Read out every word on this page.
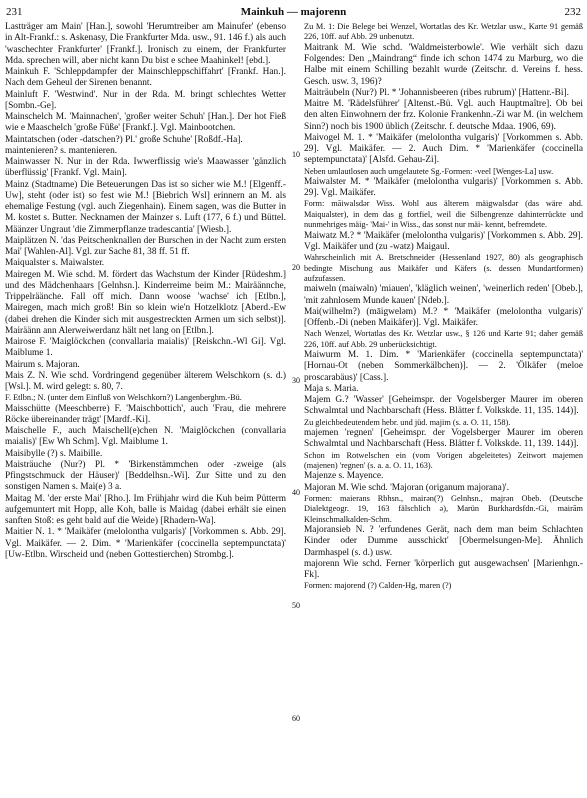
231	Mainkuh — majorenn	232
10
20
30
40
50
60

Lastträger am Main' [Han.], sowohl 'Herumtreiber am Mainufer' (ebenso in Alt-Frankf.: s. Askenasy, Die Frankfurter Mda. usw., 91. 146 f.) als auch 'waschechter Frankfurter' [Frankf.]. Ironisch zu einem, der Frankfurter Mda. sprechen will, aber nicht kann Du bist e schee Maahinkel! [ebd.].

Mainkuh F. 'Schleppdampfer der Mainschleppschiffahrt' [Frankf. Han.]. Nach dem Geheul der Sirenen benannt.

Mainluft F. 'Westwind'. Nur in der Rda. M. bringt schlechtes Wetter [Sombn.-Ge].

Mainschelch M. 'Mainnachen', 'großer weiter Schuh' [Han.]. Der hot Fieß wie e Maaschelch 'große Füße' [Frankf.]. Vgl. Mainbootchen.

Maintatschen (oder -datschen?) Pl.' große Schuhe' [Roßdf.-Ha].

maintenieren? s. mantenieren.

Mainwasser N. Nur in der Rda. Iwwerflissig wie's Maawasser 'gänzlich überflüssig' [Frankf. Vgl. Main].

Mainz (Stadtname) Die Beteuerungen Das ist so sicher wie M.! [Elgenff.-Uw], steht (oder ist) so fest wie M.! [Biebrich Wsl] erinnern an M. als ehemalige Festung (vgl. auch Ziegenhain). Einem sagen, was die Butter in M. kostet s. Butter. Necknamen der Mainzer s. Luft (177, 6 f.) und Büttel. Määnzer Ungraut 'die Zimmerpflanze tradescantia' [Wiesb.].

Maiplätzen N. 'das Peitschenknallen der Burschen in der Nacht zum ersten Mai' [Wahlen-Al]. Vgl. zur Sache 81, 38 ff. 51 ff.

Maiqualster s. Maiwalster.

Mairegen M. Wie schd. M. fördert das Wachstum der Kinder [Rüdeshm.] und des Mädchenhaars [Gelnhsn.]. Kinderreime beim M.: Mairäännche, Trippelräänche. Fall off mich. Dann woose 'wachse' ich [Etlbn.], Mairegen, mach mich groß! Bin so klein wie'n Hotzelklotz [Aberd.-Ew (dabei drehen die Kinder sich mit ausgestreckten Armen um sich selbst)]. Mairäänn ann Alerweiwerdanz hält net lang on [Etlbn.].

Mairose F. 'Maiglöckchen (convallaria maialis)' [Reiskchn.-Wl Gi]. Vgl. Maiblume 1.

Mairum s. Majoran.

Mais Z. N. Wie schd. Vordringend gegenüber älterem Welschkorn (s. d.) [Wsl.]. M. wird gelegt: s. 80, 7.

F. Etlbn.; N. (unter dem Einfluß von Welschkorn?) Langenberghm.-Bü.

Maisschütte (Meeschberre) F. 'Maischbottich', auch 'Frau, die mehrere Röcke übereinander trägt' [Mardf.-Ki].

Maischelle F., auch Maischell(e)chen N. 'Maiglöckchen (convallaria maialis)' [Ew Wh Schm]. Vgl. Maiblume 1.

Maisibylle (?) s. Maibille.

Maisträuche (Nur?) Pl. * 'Birkenstämmchen oder -zweige (als Pfingstschmuck der Häuser)' [Beddelhsn.-Wi]. Zur Sitte und zu den sonstigen Namen s. Mai(e) 3 a.

Maitag M. 'der erste Mai' [Rho.]. Im Frühjahr wird die Kuh beim Pütterm aufgemuntert mit Hopp, alle Koh, balle is Maidag (dabei erhält sie einen sanften Stoß: es geht bald auf die Weide) [Rhadern-Wa].

Maitier N. 1. * 'Maikäfer (melolontha vulgaris)' [Vorkommen s. Abb. 29]. Vgl. Maikäfer. — 2. Dim. * 'Marienkäfer (coccinella septempunctata)' [Uw-Etlbn. Wirscheid und (neben Gottestierchen) Strombg.].

Zu M. 1: Die Belege bei Wenzel, Wortatlas des Kr. Wetzlar usw., Karte 91 gemäß 226, 10ff. auf Abb. 29 unbenutzt.

Maitrank M. Wie schd. 'Waldmeisterbowle'. Wie verhält sich dazu Folgendes: Den „Maindrang“ finde ich schon 1474 zu Marburg, wo die Halbe mit einem Schilling bezahlt wurde (Zeitschr. d. Vereins f. hess. Gesch. usw. 3, 196)?

Maiträubeln (Nur?) Pl. * 'Johannisbeeren (ribes rubrum)' [Hattenr.-Bi].

Maitre M. 'Rädelsführer' [Altenst.-Bü. Vgl. auch Hauptmaître]. Ob bei den alten Einwohnern der frz. Kolonie Frankenhn.-Zi war M. (in welchem Sinn?) noch bis 1900 üblich (Zeitschr. f. deutsche Mdaa. 1906, 69).

Maivogel M. 1. * 'Maikäfer (melolontha vulgaris)' [Vorkommen s. Abb. 29]. Vgl. Maikäfer. — 2. Auch Dim. * 'Marienkäfer (coccinella septempunctata)' [Alsfd. Gehau-Zi].

Neben umlautlosen auch umgelautete Sg.-Formen: -veel [Wenges-La] usw.

Maiwalster M. * 'Maikäfer (melolontha vulgaris)' [Vorkommen s. Abb. 29]. Vgl. Maikäfer.

Form: māiwalsdər Wiss. Wohl aus älterem mäigwalsdər (das wäre ahd. Maiqualster), in dem das g fortfiel, weil die Silbengrenze dahinterrückte und nunmehriges mäig- 'Mai-' in Wiss., das sonst nur mäi- kennt, befremdete.

Maiwatz M.? * 'Maikäfer (melolontha vulgaris)' [Vorkommen s. Abb. 29]. Vgl. Maikäfer und (zu -watz) Maigaul.

Wahrscheinlich mit A. Bretschneider (Hessenland 1927, 80) als geographisch bedingte Mischung aus Maikäfer und Käfers (s. dessen Mundartformen) aufzufassen.

maiweln (maiwəln) 'miauen', 'kläglich weinen', 'weinerlich reden' [Obeb.], 'mit zahnlosem Munde kauen' [Ndeb.].

Mai(wilhelm?) (māigwelǝm) M.? * 'Maikäfer (melolontha vulgaris)' [Offenb.-Di (neben Maikäfer)]. Vgl. Maikäfer.

Nach Wenzel, Wortatlas des Kr. Wetzlar usw., § 126 und Karte 91; daher gemäß 226, 10ff. auf Abb. 29 unberücksichtigt.

Maiwurm M. 1. Dim. * 'Marienkäfer (coccinella septempunctata)' [Hornau-Ot (neben Sommerkälbchen)]. — 2. 'Ölkäfer (meloe proscarabäus)' [Cass.].

Maja s. Maria.

Majem G.? 'Wasser' [Geheimspr. der Vogelsberger Maurer im oberen Schwalmtal und Nachbarschaft (Hess. Blätter f. Volkskde. 11, 135. 144)].

Zu gleichbedeutendem hebr. und jüd. majim (s. a. O. 11, 158).

majemen 'regnen' [Geheimspr. der Vogelsberger Maurer im oberen Schwalmtal und Nachbarschaft (Hess. Blätter f. Volkskde. 11, 139. 144)].

Schon im Rotwelschen ein (vom Vorigen abgeleitetes) Zeitwort majemen (majenen) 'regnen' (s. a. a. O. 11, 163).

Majenze s. Mayence.

Majoran M. Wie schd. 'Majoran (origanum majorana)'.

Formen: maierans Rbhsn., mairǝn(?) Gelnhsn., majrǝn Obeb. (Deutsche Dialektgeogr. 19, 163 fälschlich ǝ), Marün Burkhardsfdn.-Gi, mairām Kleinschmalkalden-Schm.

Majoransieb N. ? 'erfundenes Gerät, nach dem man beim Schlachten Kinder oder Dumme ausschickt' [Obermelsungen-Me]. Ähnlich Darmhaspel (s. d.) usw.

majorenn Wie schd. Ferner 'körperlich gut ausgewachsen' [Marienhgn.-Fk].

Formen: majorend (?) Calden-Hg, maren (?)
